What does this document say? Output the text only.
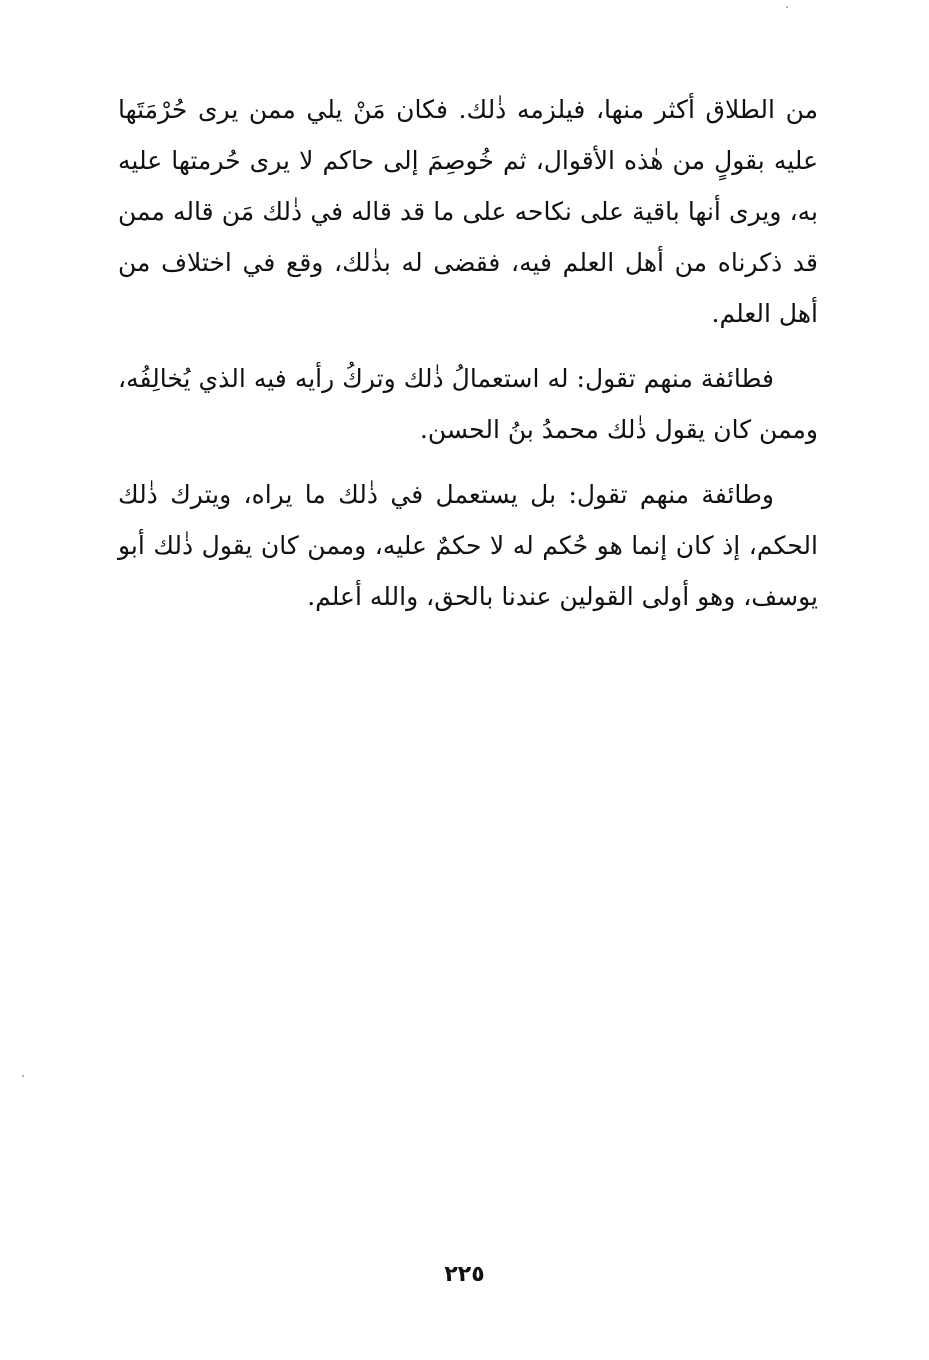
من الطلاق أكثر منها، فيلزمه ذٰلك. فكان مَنْ يلي ممن يرى حُرْمَتَها عليه بقولٍ من هٰذه الأقوال، ثم خُوصِمَ إلى حاكم لا يرى حُرمتها عليه به، ويرى أنها باقية على نكاحه على ما قد قاله في ذٰلك مَن قاله ممن قد ذكرناه من أهل العلم فيه، فقضى له بذٰلك، وقع في اختلاف من أهل العلم.

فطائفة منهم تقول: له استعمالُ ذٰلك وتركُ رأيه فيه الذي يُخالِفُه، وممن كان يقول ذٰلك محمدُ بنُ الحسن.

وطائفة منهم تقول: بل يستعمل في ذٰلك ما يراه، ويترك ذٰلك الحكم، إذ كان إنما هو حُكم له لا حكمٌ عليه، وممن كان يقول ذٰلك أبو يوسف، وهو أولى القولين عندنا بالحق، والله أعلم.

٢٢٥
